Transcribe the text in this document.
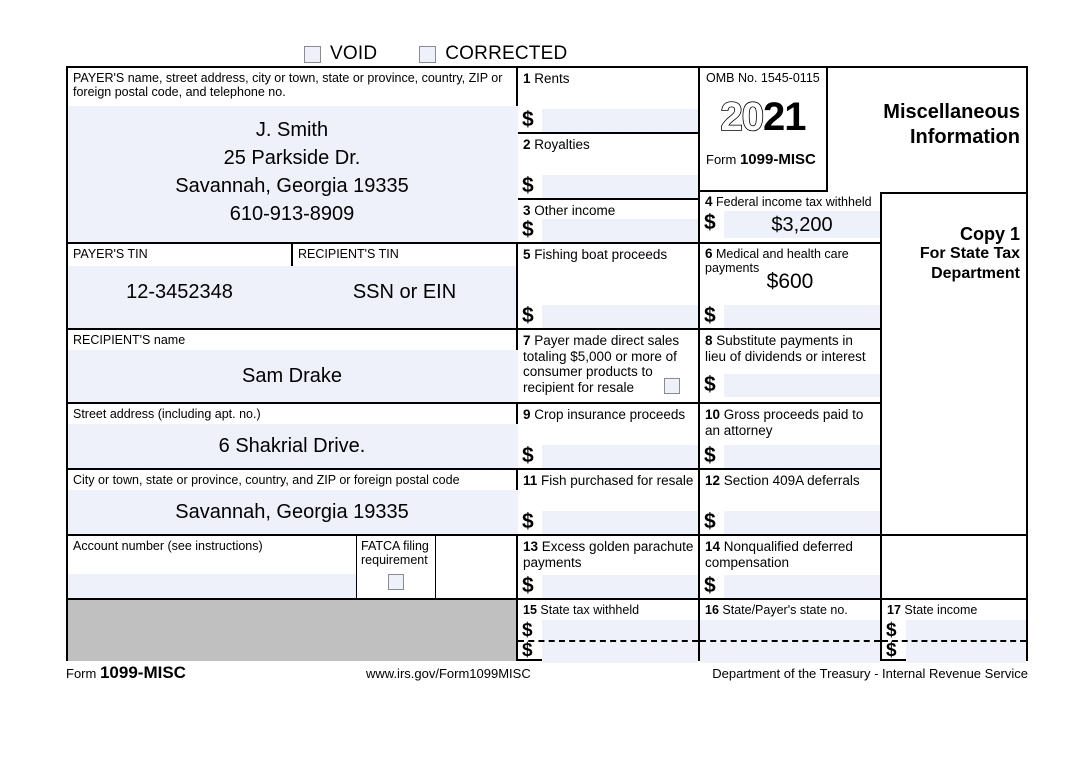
VOID	CORRECTED
PAYER'S name, street address, city or town, state or province, country, ZIP or foreign postal code, and telephone no.
J. Smith
25 Parkside Dr.
Savannah, Georgia 19335
610-913-8909
PAYER'S TIN
12-3452348
RECIPIENT'S TIN
SSN or EIN
RECIPIENT'S name
Sam Drake
Street address (including apt. no.)
6 Shakrial Drive.
City or town, state or province, country, and ZIP or foreign postal code
Savannah, Georgia 19335
Account number (see instructions)	FATCA filing
requirement
1 Rents
$
2 Royalties
$
3 Other income
$
5 Fishing boat proceeds
$
7 Payer made direct sales totaling $5,000 or more of consumer products to recipient for resale
9 Crop insurance proceeds
$
11 Fish purchased for resale
$
13 Excess golden parachute payments
$
15 State tax withheld
$
$
OMB No. 1545-0115
2021
Form 1099-MISC
4 Federal income tax withheld
$	$3,200
6 Medical and health care payments
$600
$
8 Substitute payments in lieu of dividends or interest
$
10 Gross proceeds paid to an attorney
$
12 Section 409A deferrals
$
14 Nonqualified deferred compensation
$
16 State/Payer's state no.
Miscellaneous
Information
Copy 1
For State Tax
Department
17 State income
$
$
Form 1099-MISC	www.irs.gov/Form1099MISC	Department of the Treasury - Internal Revenue Service
